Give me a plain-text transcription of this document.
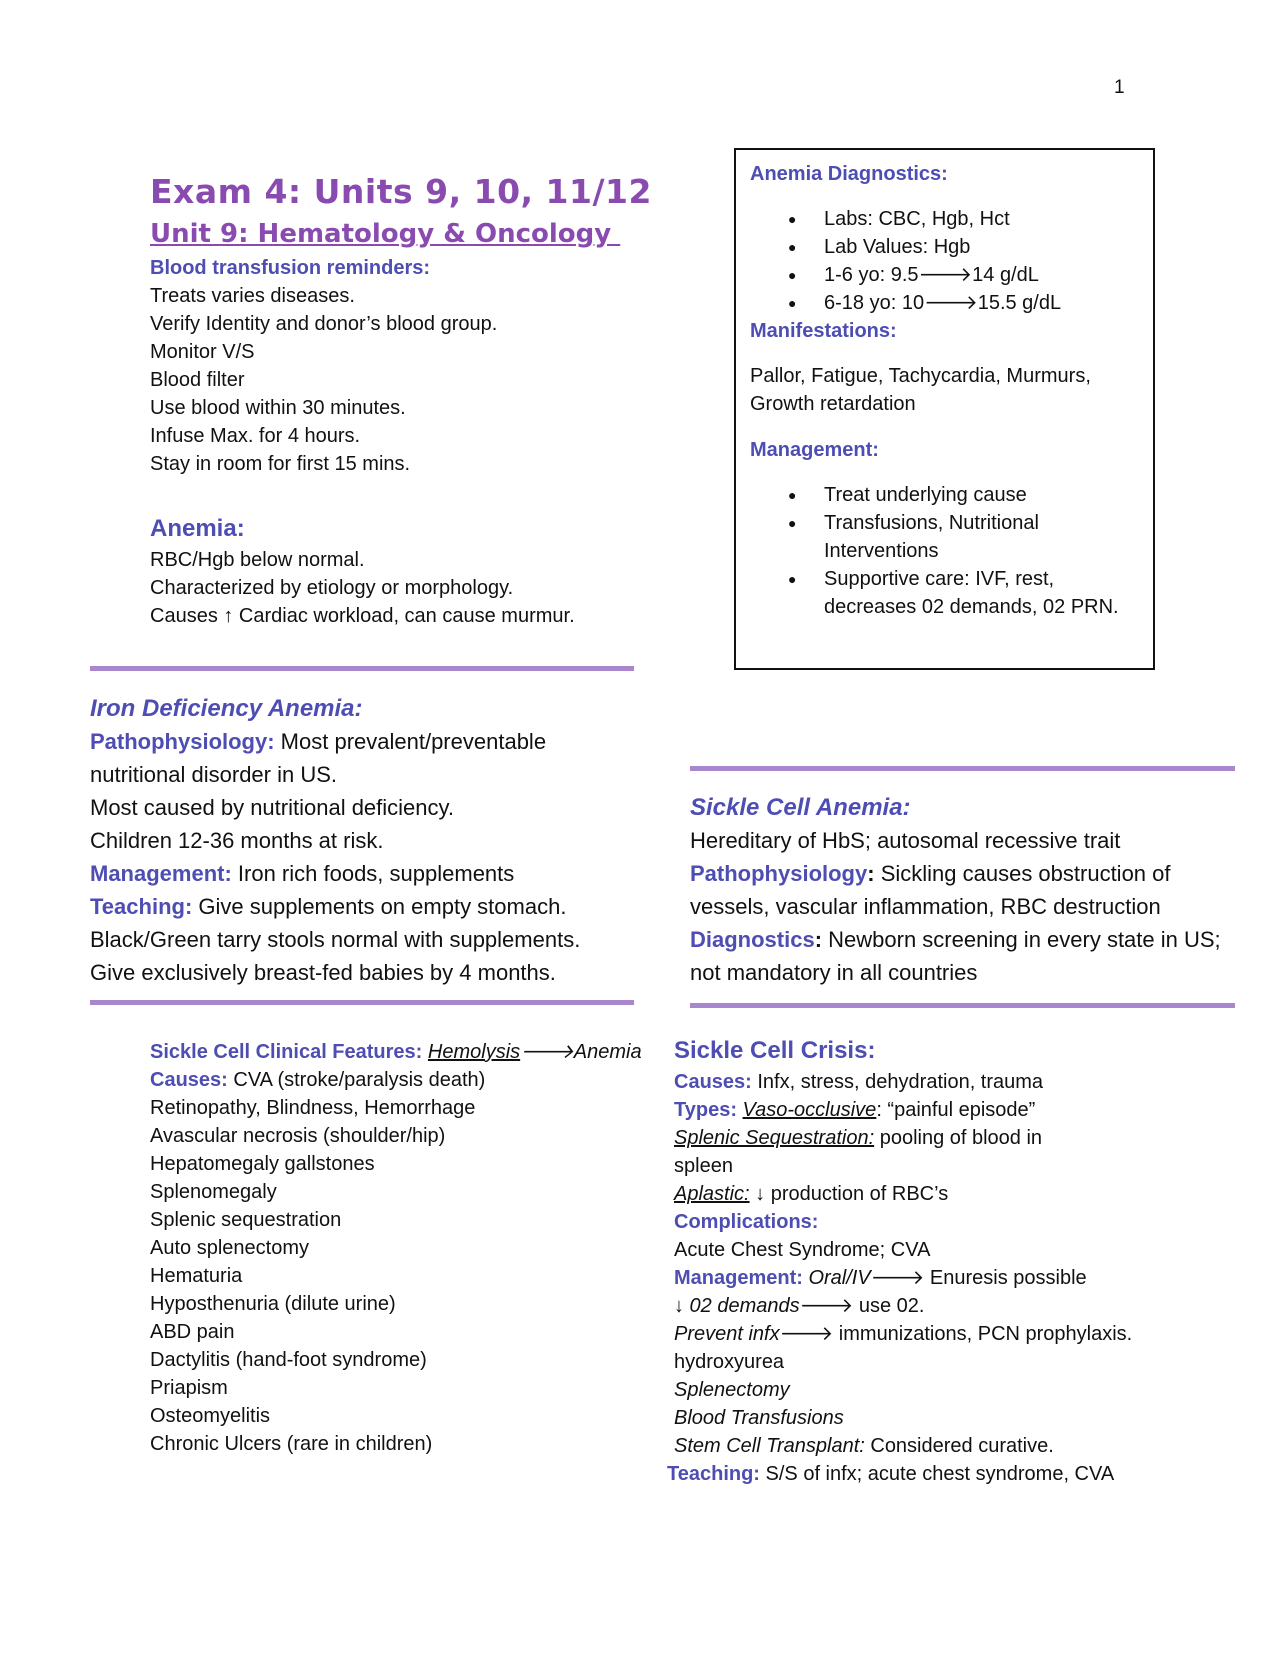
1
Exam 4: Units 9, 10, 11/12
Unit 9: Hematology & Oncology
Blood transfusion reminders:
Treats varies diseases.
Verify Identity and donor’s blood group.
Monitor V/S
Blood filter
Use blood within 30 minutes.
Infuse Max. for 4 hours.
Stay in room for first 15 mins.
Anemia:
RBC/Hgb below normal.
Characterized by etiology or morphology.
Causes ↑ Cardiac workload, can cause murmur.
Anemia Diagnostics:
● Labs: CBC, Hgb, Hct
● Lab Values: Hgb
● 1-6 yo: 9.5🡒14 g/dL
● 6-18 yo: 10🡒15.5 g/dL
Manifestations:
Pallor, Fatigue, Tachycardia, Murmurs,
Growth retardation
Management:
● Treat underlying cause
● Transfusions, Nutritional
Interventions
● Supportive care: IVF, rest,
decreases 02 demands, 02 PRN.
Iron Deficiency Anemia:
Pathophysiology: Most prevalent/preventable
nutritional disorder in US.
Most caused by nutritional deficiency.
Children 12-36 months at risk.
Management: Iron rich foods, supplements
Teaching: Give supplements on empty stomach.
Black/Green tarry stools normal with supplements.
Give exclusively breast-fed babies by 4 months.
Sickle Cell Anemia:
Hereditary of HbS; autosomal recessive trait
Pathophysiology: Sickling causes obstruction of
vessels, vascular inflammation, RBC destruction
Diagnostics: Newborn screening in every state in US;
not mandatory in all countries
Sickle Cell Clinical Features: Hemolysis🡒Anemia
Causes: CVA (stroke/paralysis death)
Retinopathy, Blindness, Hemorrhage
Avascular necrosis (shoulder/hip)
Hepatomegaly gallstones
Splenomegaly
Splenic sequestration
Auto splenectomy
Hematuria
Hyposthenuria (dilute urine)
ABD pain
Dactylitis (hand-foot syndrome)
Priapism
Osteomyelitis
Chronic Ulcers (rare in children)
Sickle Cell Crisis:
Causes: Infx, stress, dehydration, trauma
Types: Vaso-occlusive: “painful episode”
Splenic Sequestration: pooling of blood in
spleen
Aplastic: ↓ production of RBC’s
Complications:
Acute Chest Syndrome; CVA
Management: Oral/IV🡒 Enuresis possible
↓ 02 demands🡒 use 02.
Prevent infx🡒 immunizations, PCN prophylaxis.
hydroxyurea
Splenectomy
Blood Transfusions
Stem Cell Transplant: Considered curative.
Teaching: S/S of infx; acute chest syndrome, CVA
